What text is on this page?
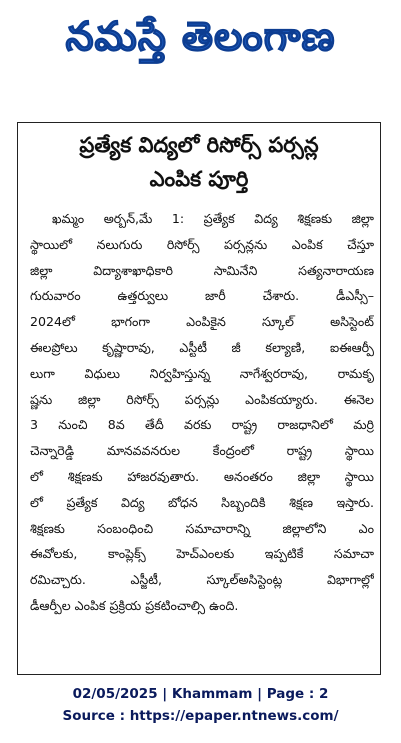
నమస్తే తెలంగాణ
ప్రత్యేక విద్యలో రిసోర్స్ పర్సన్ల
ఎంపిక పూర్తి
ఖమ్మం అర్బన్,మే 1: ప్రత్యేక విద్య శిక్షణకు జిల్లా
స్థాయిలో నలుగురు రిసోర్స్ పర్సన్లను ఎంపిక చేస్తూ
జిల్లా విద్యాశాఖాధికారి సామినేని సత్యనారాయణ
గురువారం ఉత్తర్వులు జారీ చేశారు. డీఎస్సీ–
2024లో భాగంగా ఎంపికైన స్కూల్ అసిస్టెంట్
ఈలప్రోలు కృష్ణారావు, ఎస్టీటీ జీ కల్యాణి, ఐఈఆర్పీ
లుగా విధులు నిర్వహిస్తున్న నాగేశ్వరరావు, రామకృ
ష్ణను జిల్లా రిసోర్స్ పర్సన్లు ఎంపికయ్యారు. ఈనెల
3 నుంచి 8వ తేదీ వరకు రాష్ట్ర రాజధానిలో మర్రి
చెన్నారెడ్డి మానవవనరుల కేంద్రంలో రాష్ట్ర స్థాయి
లో శిక్షణకు హాజరవుతారు. అనంతరం జిల్లా స్థాయి
లో ప్రత్యేక విద్య బోధన సిబ్బందికి శిక్షణ ఇస్తారు.
శిక్షణకు సంబంధించి సమాచారాన్ని జిల్లాలోని ఎం
ఈవోలకు, కాంప్లెక్స్ హెచ్ఎంలకు ఇప్పటికే సమాచా
రమిచ్చారు. ఎస్జీటీ, స్కూల్అసిస్టెంట్ల విభాగాల్లో
డీఆర్పీల ఎంపిక ప్రక్రియ ప్రకటించాల్సి ఉంది.
02/05/2025 | Khammam | Page : 2
Source : https://epaper.ntnews.com/
